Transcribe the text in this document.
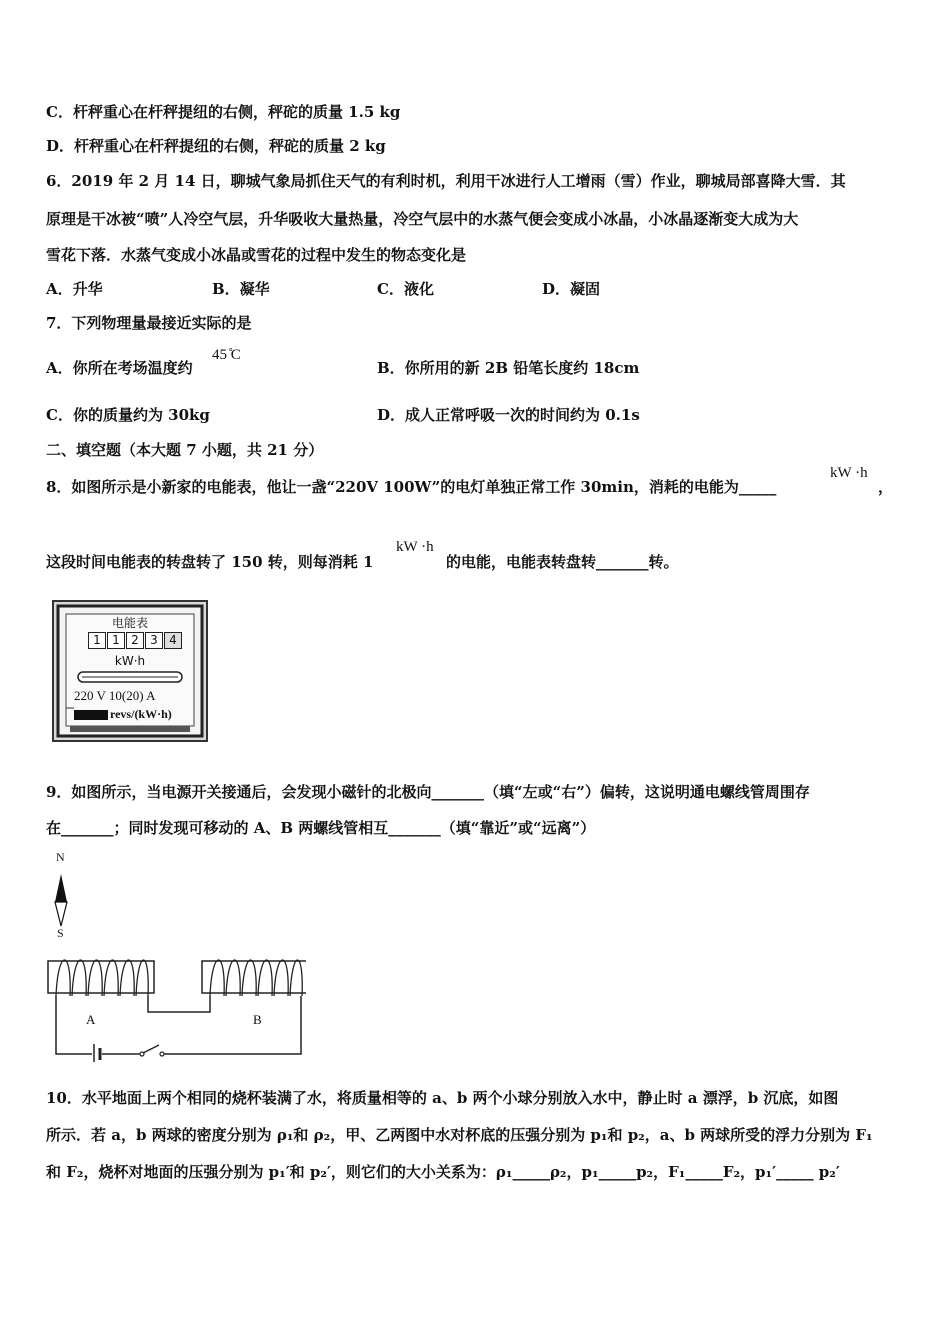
C．杆秤重心在杆秤提纽的右侧，秤砣的质量 1.5 kg
D．杆秤重心在杆秤提纽的右侧，秤砣的质量 2 kg
6．2019 年 2 月 14 日，聊城气象局抓住天气的有利时机，利用干冰进行人工增雨（雪）作业，聊城局部喜降大雪．其
原理是干冰被“喷”人冷空气层，升华吸收大量热量，冷空气层中的水蒸气便会变成小冰晶，小冰晶逐渐变大成为大
雪花下落．水蒸气变成小冰晶或雪花的过程中发生的物态变化是
A．升华	B．凝华	C．液化	D．凝固
7．下列物理量最接近实际的是
A．你所在考场温度约
45 ̊C
B．你所用的新 2B 铅笔长度约 18cm
C．你的质量约为 30kg	D．成人正常呼吸一次的时间约为 0.1s
二、填空题（本大题 7 小题，共 21 分）
8．如图所示是小新家的电能表，他让一盏“220V 100W”的电灯单独正常工作 30min，消耗的电能为_____
kW ·h
，
这段时间电能表的转盘转了 150 转，则每消耗 1
kW ·h
的电能，电能表转盘转_______转。
电能表
1 1 2 3 4
kW·h
220 V 10(20) A
revs/(kW·h)
9．如图所示，当电源开关接通后，会发现小磁针的北极向_______（填“左或“右”）偏转，这说明通电螺线管周围存
在_______；同时发现可移动的 A、B 两螺线管相互_______（填“靠近”或“远离”）
N
S
A	B
10．水平地面上两个相同的烧杯装满了水，将质量相等的 a、b 两个小球分别放入水中，静止时 a 漂浮，b 沉底，如图
所示．若 a，b 两球的密度分别为 ρ₁和 ρ₂，甲、乙两图中水对杯底的压强分别为 p₁和 p₂，a、b 两球所受的浮力分别为 F₁
和 F₂，烧杯对地面的压强分别为 p₁′和 p₂′，则它们的大小关系为：ρ₁_____ρ₂，p₁_____p₂，F₁_____F₂，p₁′_____ p₂′
